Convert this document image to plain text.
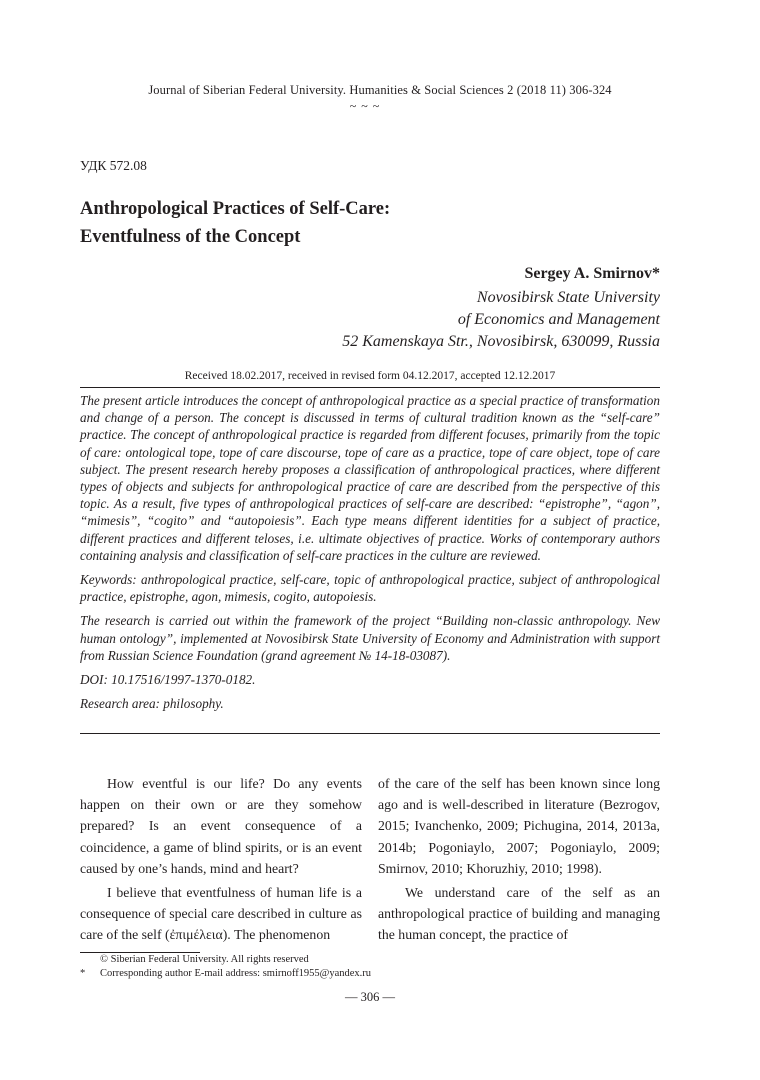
Journal of Siberian Federal University. Humanities & Social Sciences 2 (2018 11) 306-324
~ ~ ~
УДК 572.08
Anthropological Practices of Self-Care:
Eventfulness of the Concept
Sergey A. Smirnov*
Novosibirsk State University
of Economics and Management
52 Kamenskaya Str., Novosibirsk, 630099, Russia
Received 18.02.2017, received in revised form 04.12.2017, accepted 12.12.2017

The present article introduces the concept of anthropological practice as a special practice of transformation and change of a person. The concept is discussed in terms of cultural tradition known as the “self-care” practice. The concept of anthropological practice is regarded from different focuses, primarily from the topic of care: ontological tope, tope of care discourse, tope of care as a practice, tope of care object, tope of care subject. The present research hereby proposes a classification of anthropological practices, where different types of objects and subjects for anthropological practice of care are described from the perspective of this topic. As a result, five types of anthropological practices of self-care are described: “epistrophe”, “agon”, “mimesis”, “cogito” and “autopoiesis”. Each type means different identities for a subject of practice, different practices and different teloses, i.e. ultimate objectives of practice. Works of contemporary authors containing analysis and classification of self-care practices in the culture are reviewed.

Keywords: anthropological practice, self-care, topic of anthropological practice, subject of anthropological practice, epistrophe, agon, mimesis, cogito, autopoiesis.

The research is carried out within the framework of the project “Building non-classic anthropology. New human ontology”, implemented at Novosibirsk State University of Economy and Administration with support from Russian Science Foundation (grand agreement № 14-18-03087).

DOI: 10.17516/1997-1370-0182.

Research area: philosophy.

How eventful is our life? Do any events happen on their own or are they somehow prepared? Is an event consequence of a coincidence, a game of blind spirits, or is an event caused by one’s hands, mind and heart?

I believe that eventfulness of human life is a consequence of special care described in culture as care of the self (ἐπιμέλεια). The phenomenon

of the care of the self has been known since long ago and is well-described in literature (Bezrogov, 2015; Ivanchenko, 2009; Pichugina, 2014, 2013a, 2014b; Pogoniaylo, 2007; Pogoniaylo, 2009; Smirnov, 2010; Khoruzhiy, 2010; 1998).

We understand care of the self as an anthropological practice of building and managing the human concept, the practice of

© Siberian Federal University. All rights reserved
* Corresponding author E-mail address: smirnoff1955@yandex.ru
— 306 —
